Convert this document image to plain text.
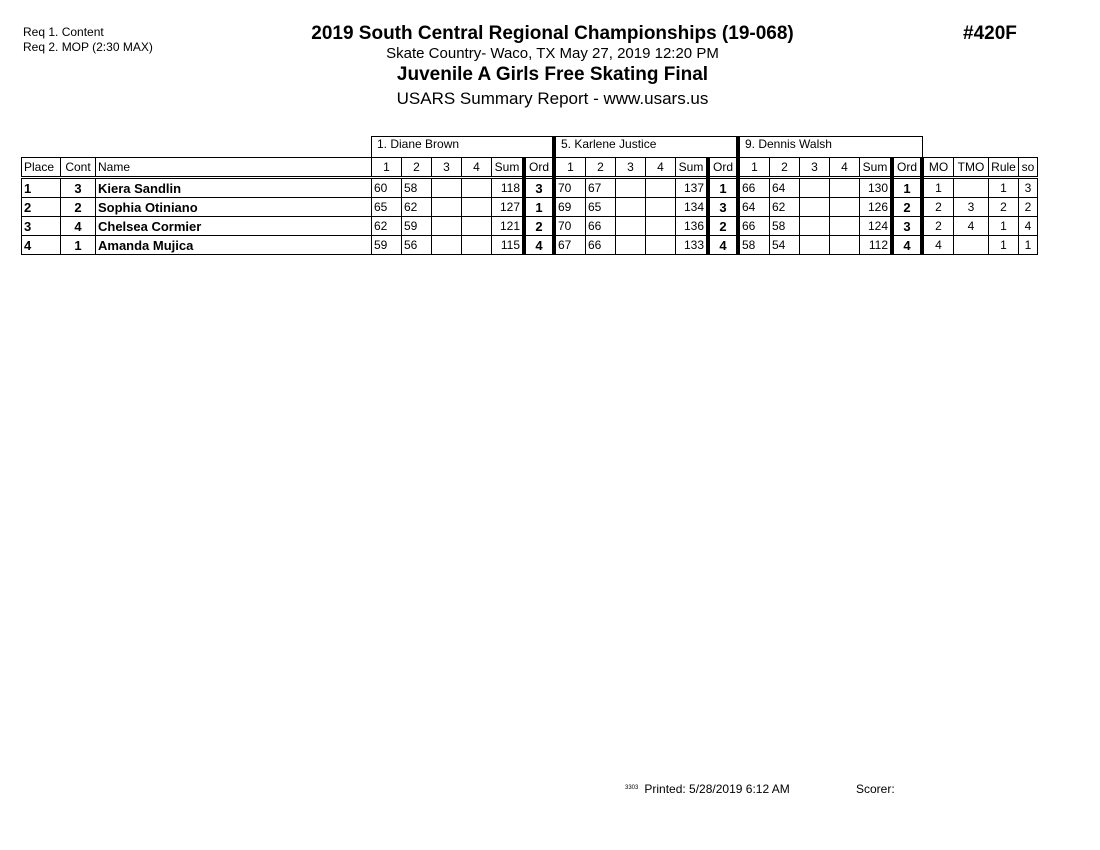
Req 1. Content
Req 2. MOP (2:30 MAX)
2019 South Central Regional Championships (19-068)
Skate Country- Waco, TX May 27, 2019 12:20 PM
Juvenile A Girls Free Skating Final
USARS Summary Report - www.usars.us
#420F
			1. Diane Brown						5. Karlene Justice						9. Dennis Walsh									
Place	Cont	Name	1	2	3	4	Sum	Ord	1	2	3	4	Sum	Ord	1	2	3	4	Sum	Ord	MO	TMO	Rule	so
1	3	Kiera Sandlin	60	58			118	3	70	67			137	1	66	64			130	1	1		1	3
2	2	Sophia Otiniano	65	62			127	1	69	65			134	3	64	62			126	2	2	3	2	2
3	4	Chelsea Cormier	62	59			121	2	70	66			136	2	66	58			124	3	2	4	1	4
4	1	Amanda Mujica	59	56			115	4	67	66			133	4	58	54			112	4	4		1	1
$^{3303}$ Printed: 5/28/2019 6:12 AM	Scorer:
